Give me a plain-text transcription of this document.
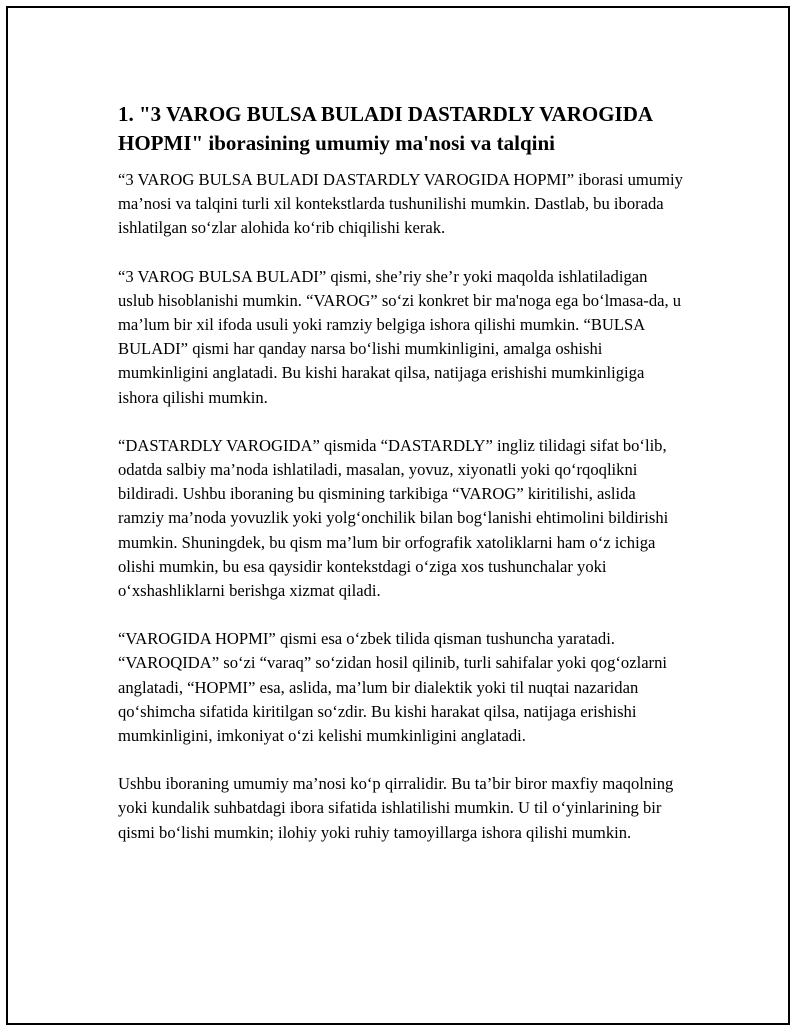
1. "3 VAROG BULSA BULADI DASTARDLY VAROGIDA HOPMI" iborasining umumiy ma'nosi va talqini

“3 VAROG BULSA BULADI DASTARDLY VAROGIDA HOPMI” iborasi umumiy ma’nosi va talqini turli xil kontekstlarda tushunilishi mumkin. Dastlab, bu iborada ishlatilgan so‘zlar alohida ko‘rib chiqilishi kerak.

“3 VAROG BULSA BULADI” qismi, she’riy she’r yoki maqolda ishlatiladigan uslub hisoblanishi mumkin. “VAROG” so‘zi konkret bir ma'noga ega bo‘lmasa-da, u ma’lum bir xil ifoda usuli yoki ramziy belgiga ishora qilishi mumkin. “BULSA BULADI” qismi har qanday narsa bo‘lishi mumkinligini, amalga oshishi mumkinligini anglatadi. Bu kishi harakat qilsa, natijaga erishishi mumkinligiga ishora qilishi mumkin.

“DASTARDLY VAROGIDA” qismida “DASTARDLY” ingliz tilidagi sifat bo‘lib, odatda salbiy ma’noda ishlatiladi, masalan, yovuz, xiyonatli yoki qo‘rqoqlikni bildiradi. Ushbu iboraning bu qismining tarkibiga “VAROG” kiritilishi, aslida ramziy ma’noda yovuzlik yoki yolg‘onchilik bilan bog‘lanishi ehtimolini bildirishi mumkin. Shuningdek, bu qism ma’lum bir orfografik xatoliklarni ham o‘z ichiga olishi mumkin, bu esa qaysidir kontekstdagi o‘ziga xos tushunchalar yoki o‘xshashliklarni berishga xizmat qiladi.

“VAROGIDA HOPMI” qismi esa o‘zbek tilida qisman tushuncha yaratadi. “VAROQIDA” so‘zi “varaq” so‘zidan hosil qilinib, turli sahifalar yoki qog‘ozlarni anglatadi, “HOPMI” esa, aslida, ma’lum bir dialektik yoki til nuqtai nazaridan qo‘shimcha sifatida kiritilgan so‘zdir. Bu kishi harakat qilsa, natijaga erishishi mumkinligini, imkoniyat o‘zi kelishi mumkinligini anglatadi.

Ushbu iboraning umumiy ma’nosi ko‘p qirralidir. Bu ta’bir biror maxfiy maqolning yoki kundalik suhbatdagi ibora sifatida ishlatilishi mumkin. U til o‘yinlarining bir qismi bo‘lishi mumkin; ilohiy yoki ruhiy tamoyillarga ishora qilishi mumkin.
